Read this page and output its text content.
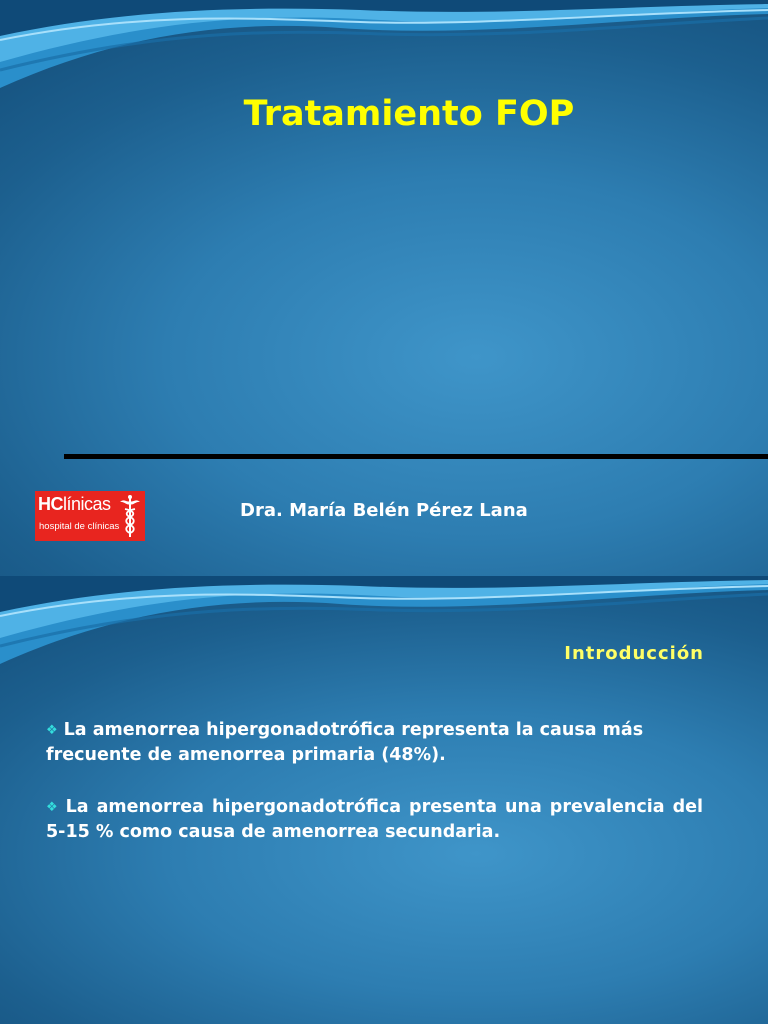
Tratamiento FOP
HClínicas
hospital de clínicas
Dra. María Belén Pérez Lana
Introducción
❖ La amenorrea hipergonadotrófica representa la causa más frecuente de amenorrea primaria (48%).
❖ La amenorrea hipergonadotrófica presenta una prevalencia del 5-15 % como causa de amenorrea secundaria.
